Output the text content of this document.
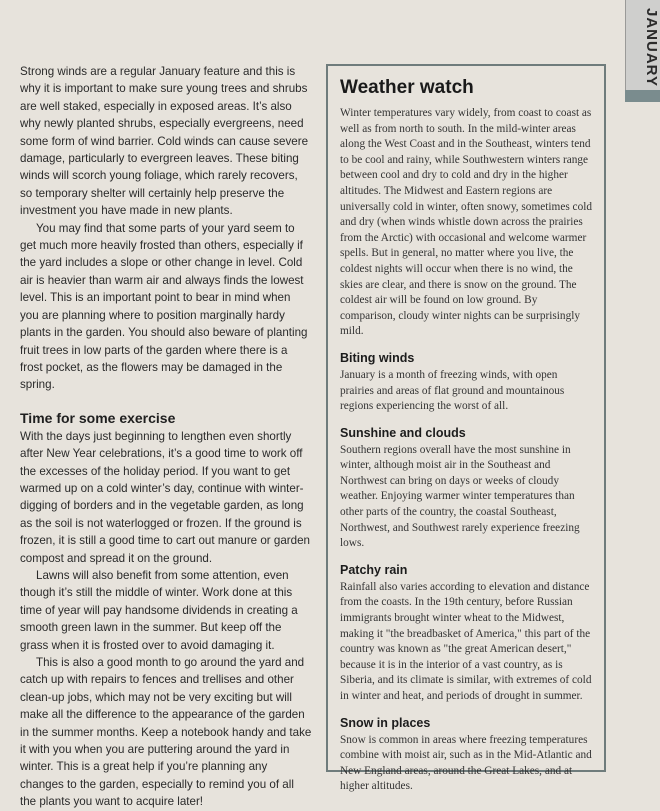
JANUARY

Strong winds are a regular January feature and this is why it is important to make sure young trees and shrubs are well staked, especially in exposed areas. It’s also why newly planted shrubs, especially evergreens, need some form of wind barrier. Cold winds can cause severe damage, particularly to evergreen leaves. These biting winds will scorch young foliage, which rarely recovers, so temporary shelter will certainly help preserve the investment you have made in new plants.

You may find that some parts of your yard seem to get much more heavily frosted than others, especially if the yard includes a slope or other change in level. Cold air is heavier than warm air and always finds the lowest level. This is an important point to bear in mind when you are planning where to position marginally hardy plants in the garden. You should also beware of planting fruit trees in low parts of the garden where there is a frost pocket, as the flowers may be damaged in the spring.

Time for some exercise

With the days just beginning to lengthen even shortly after New Year celebrations, it’s a good time to work off the excesses of the holiday period. If you want to get warmed up on a cold winter’s day, continue with winter-digging of borders and in the vegetable garden, as long as the soil is not waterlogged or frozen. If the ground is frozen, it is still a good time to cart out manure or garden compost and spread it on the ground.

Lawns will also benefit from some attention, even though it’s still the middle of winter. Work done at this time of year will pay handsome dividends in creating a smooth green lawn in the summer. But keep off the grass when it is frosted over to avoid damaging it.

This is also a good month to go around the yard and catch up with repairs to fences and trellises and other clean-up jobs, which may not be very exciting but will make all the difference to the appearance of the garden in the summer months. Keep a notebook handy and take it with you when you are puttering around the yard in winter. This is a great help if you’re planning any changes to the garden, especially to remind you of all the plants you want to acquire later!

Weather watch

Winter temperatures vary widely, from coast to coast as well as from north to south. In the mild-winter areas along the West Coast and in the Southeast, winters tend to be cool and rainy, while Southwestern winters range between cool and dry to cold and dry in the higher altitudes. The Midwest and Eastern regions are universally cold in winter, often snowy, sometimes cold and dry (when winds whistle down across the prairies from the Arctic) with occasional and welcome warmer spells. But in general, no matter where you live, the coldest nights will occur when there is no wind, the skies are clear, and there is snow on the ground. The coldest air will be found on low ground. By comparison, cloudy winter nights can be surprisingly mild.

Biting winds

January is a month of freezing winds, with open prairies and areas of flat ground and mountainous regions experiencing the worst of all.

Sunshine and clouds

Southern regions overall have the most sunshine in winter, although moist air in the Southeast and Northwest can bring on days or weeks of cloudy weather. Enjoying warmer winter temperatures than other parts of the country, the coastal Southeast, Northwest, and Southwest rarely experience freezing lows.

Patchy rain

Rainfall also varies according to elevation and distance from the coasts. In the 19th century, before Russian immigrants brought winter wheat to the Midwest, making it "the breadbasket of America," this part of the country was known as "the great American desert," because it is in the interior of a vast country, as is Siberia, and its climate is similar, with extremes of cold in winter and heat, and periods of drought in summer.

Snow in places

Snow is common in areas where freezing temperatures combine with moist air, such as in the Mid-Atlantic and New England areas, around the Great Lakes, and at higher altitudes.
